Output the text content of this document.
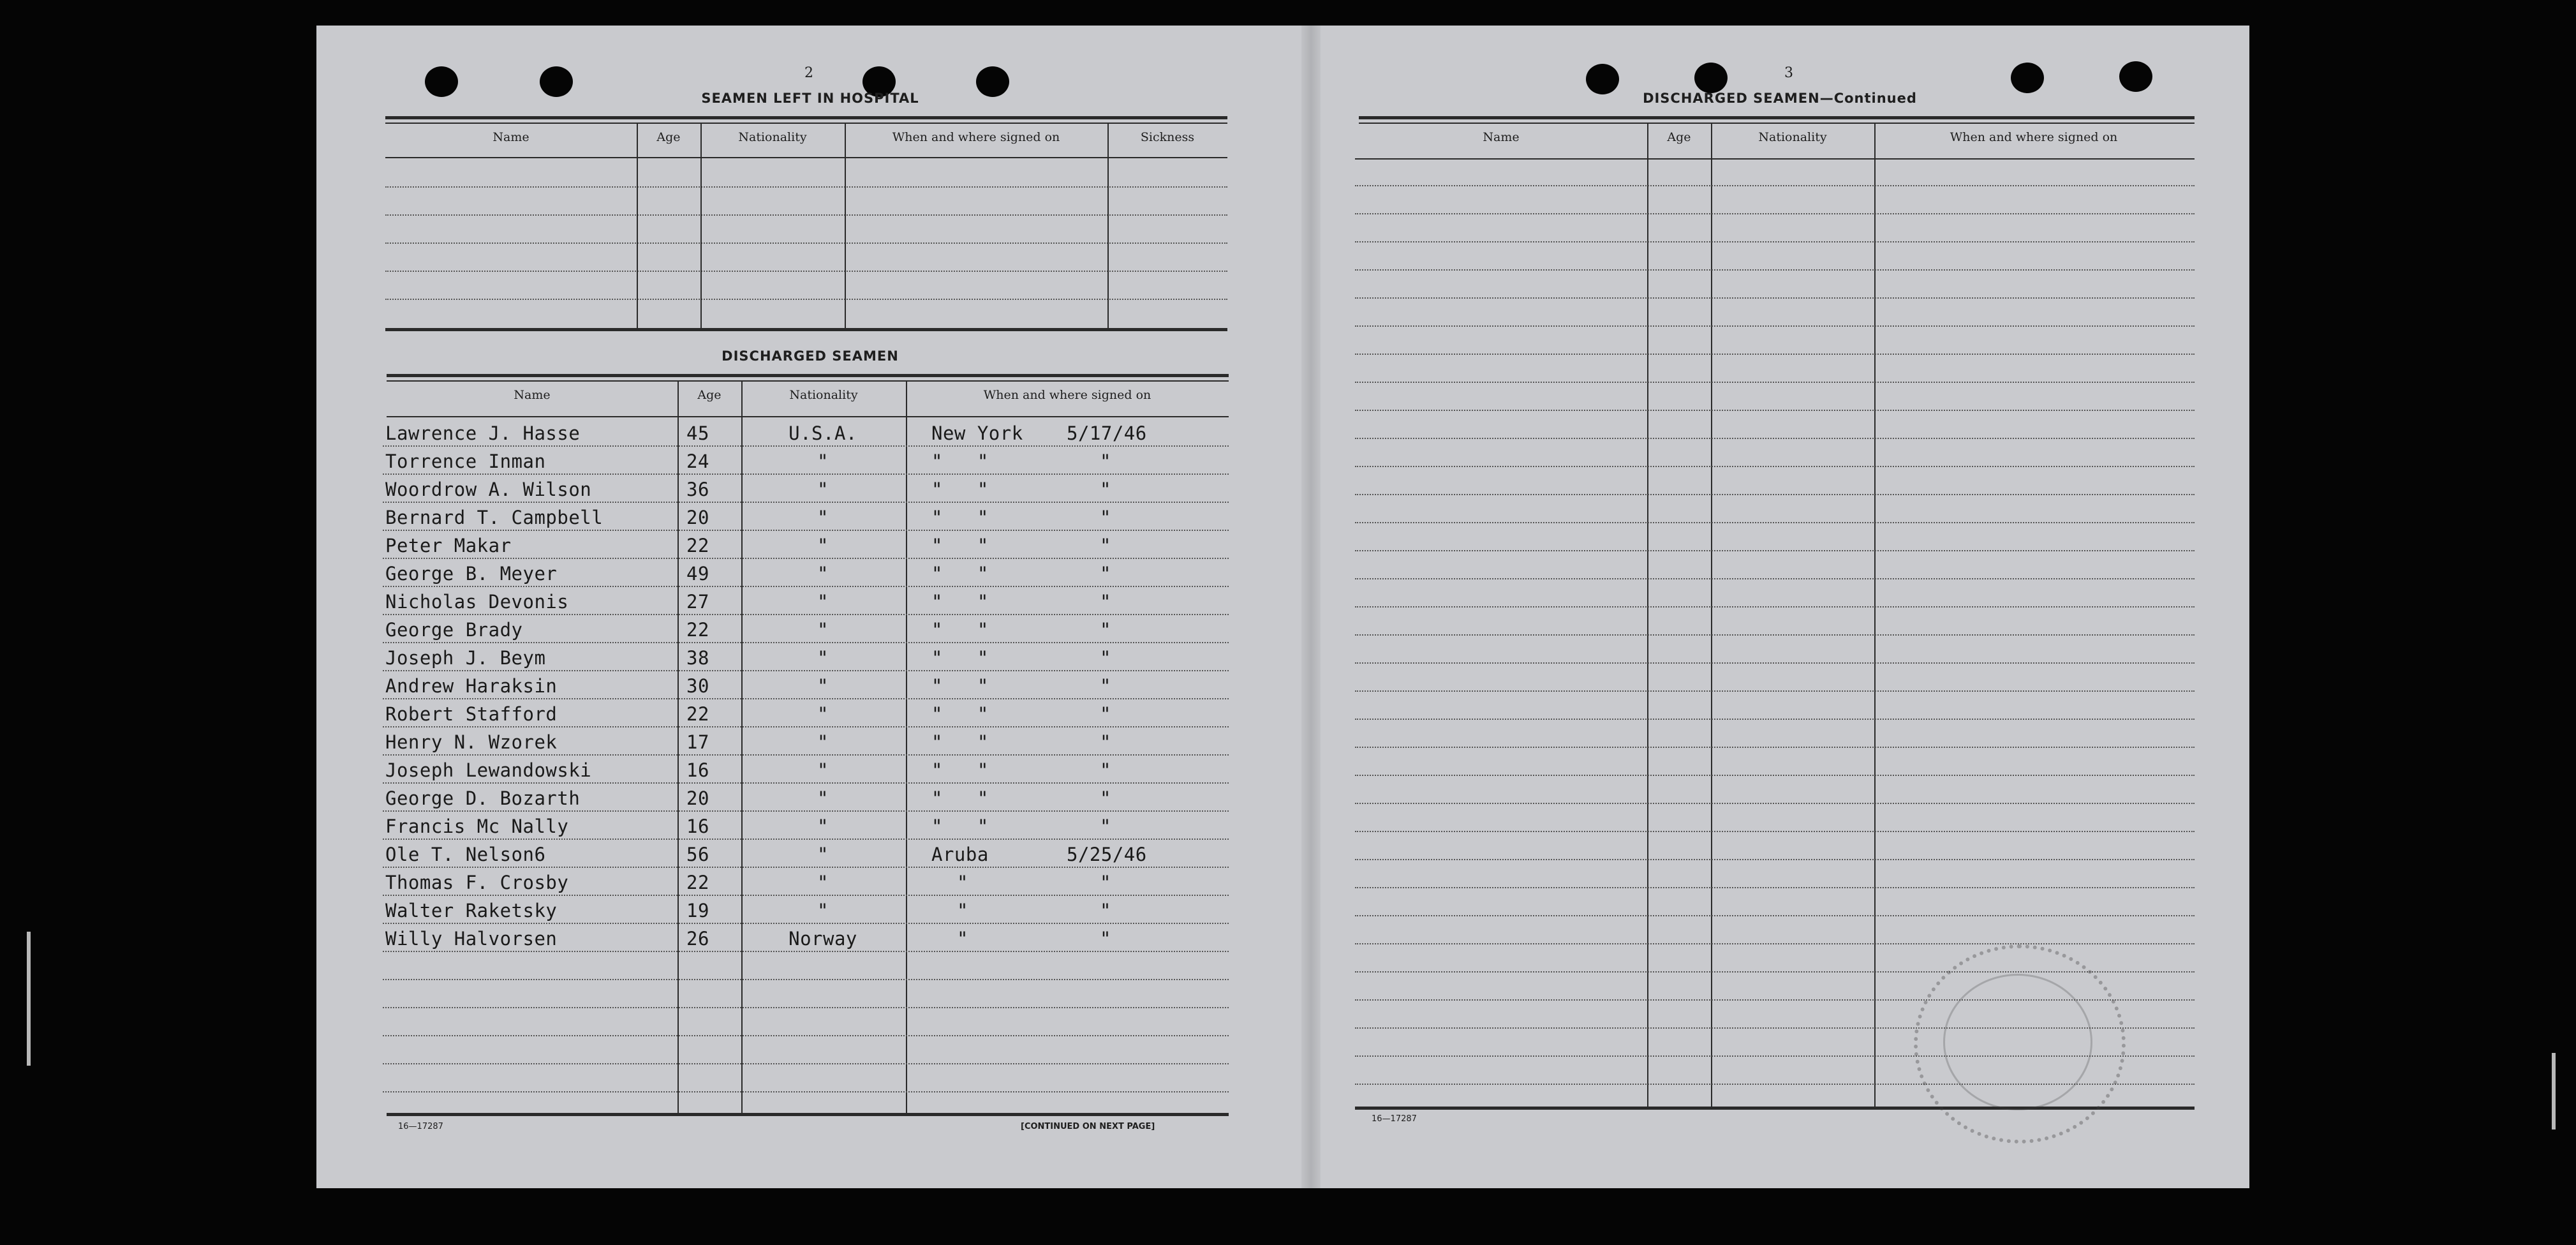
2
SEAMEN LEFT IN HOSPITAL
Name	Age	Nationality	When and where signed on	Sickness
DISCHARGED SEAMEN
Name	Age	Nationality	When and where signed on
Lawrence J. Hasse	45	U.S.A.	New York 5/17/46
Torrence Inman	24	"	"   "	"
Woordrow A. Wilson	36	"	"   "	"
Bernard T. Campbell	20	"	"   "	"
Peter Makar	22	"	"   "	"
George B. Meyer	49	"	"   "	"
Nicholas Devonis	27	"	"   "	"
George Brady	22	"	"   "	"
Joseph J. Beym	38	"	"   "	"
Andrew Haraksin	30	"	"   "	"
Robert Stafford	22	"	"   "	"
Henry N. Wzorek	17	"	"   "	"
Joseph Lewandowski	16	"	"   "	"
George D. Bozarth	20	"	"   "	"
Francis Mc Nally	16	"	"   "	"
Ole T. Nelson6	56	"	Aruba	5/25/46
Thomas F. Crosby	22	"	"	"
Walter Raketsky	19	"	"	"
Willy Halvorsen	26	Norway	"	"
16—17287	[CONTINUED ON NEXT PAGE]
3
DISCHARGED SEAMEN—Continued
Name	Age	Nationality	When and where signed on
16—17287
